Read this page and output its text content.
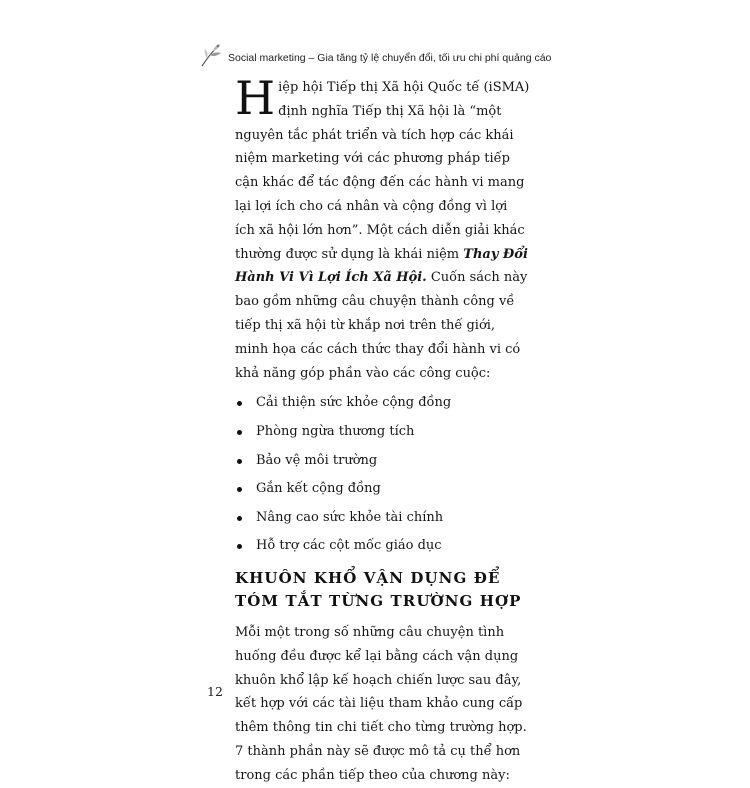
Social marketing – Gia tăng tỷ lệ chuyển đổi, tối ưu chi phí quảng cáo

Hiệp hội Tiếp thị Xã hội Quốc tế (iSMA) định nghĩa Tiếp thị Xã hội là “một nguyên tắc phát triển và tích hợp các khái niệm marketing với các phương pháp tiếp cận khác để tác động đến các hành vi mang lại lợi ích cho cá nhân và cộng đồng vì lợi ích xã hội lớn hơn”. Một cách diễn giải khác thường được sử dụng là khái niệm Thay Đổi Hành Vi Vì Lợi Ích Xã Hội. Cuốn sách này bao gồm những câu chuyện thành công về tiếp thị xã hội từ khắp nơi trên thế giới, minh họa các cách thức thay đổi hành vi có khả năng góp phần vào các công cuộc:

Cải thiện sức khỏe cộng đồng
Phòng ngừa thương tích
Bảo vệ môi trường
Gắn kết cộng đồng
Nâng cao sức khỏe tài chính
Hỗ trợ các cột mốc giáo dục
KHUÔN KHỔ VẬN DỤNG ĐỂ TÓM TẮT TỪNG TRƯỜNG HỢP

Mỗi một trong số những câu chuyện tình huống đều được kể lại bằng cách vận dụng khuôn khổ lập kế hoạch chiến lược sau đây, kết hợp với các tài liệu tham khảo cung cấp thêm thông tin chi tiết cho từng trường hợp. 7 thành phần này sẽ được mô tả cụ thể hơn trong các phần tiếp theo của chương này:

12
